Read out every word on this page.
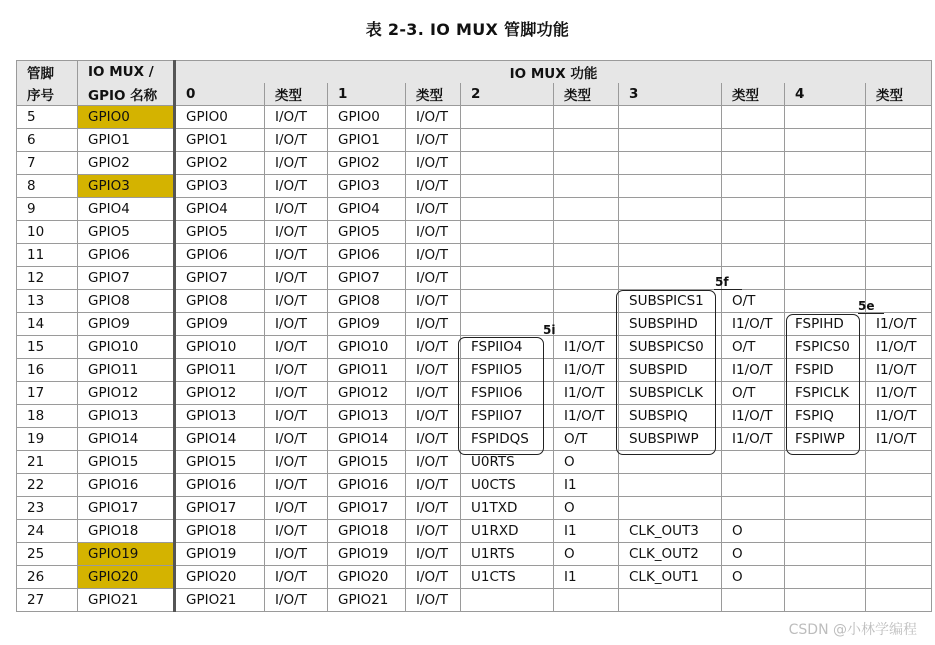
表 2-3. IO MUX 管脚功能
管脚	IO MUX /	IO MUX 功能									
序号	GPIO 名称	0	类型	1	类型	2	类型	3	类型	4	类型
5	GPIO0	GPIO0	I/O/T	GPIO0	I/O/T						
6	GPIO1	GPIO1	I/O/T	GPIO1	I/O/T						
7	GPIO2	GPIO2	I/O/T	GPIO2	I/O/T						
8	GPIO3	GPIO3	I/O/T	GPIO3	I/O/T						
9	GPIO4	GPIO4	I/O/T	GPIO4	I/O/T						
10	GPIO5	GPIO5	I/O/T	GPIO5	I/O/T						
11	GPIO6	GPIO6	I/O/T	GPIO6	I/O/T						
12	GPIO7	GPIO7	I/O/T	GPIO7	I/O/T						
13	GPIO8	GPIO8	I/O/T	GPIO8	I/O/T			SUBSPICS1	O/T		
14	GPIO9	GPIO9	I/O/T	GPIO9	I/O/T			SUBSPIHD	I1/O/T	FSPIHD	I1/O/T
15	GPIO10	GPIO10	I/O/T	GPIO10	I/O/T	FSPIIO4	I1/O/T	SUBSPICS0	O/T	FSPICS0	I1/O/T
16	GPIO11	GPIO11	I/O/T	GPIO11	I/O/T	FSPIIO5	I1/O/T	SUBSPID	I1/O/T	FSPID	I1/O/T
17	GPIO12	GPIO12	I/O/T	GPIO12	I/O/T	FSPIIO6	I1/O/T	SUBSPICLK	O/T	FSPICLK	I1/O/T
18	GPIO13	GPIO13	I/O/T	GPIO13	I/O/T	FSPIIO7	I1/O/T	SUBSPIQ	I1/O/T	FSPIQ	I1/O/T
19	GPIO14	GPIO14	I/O/T	GPIO14	I/O/T	FSPIDQS	O/T	SUBSPIWP	I1/O/T	FSPIWP	I1/O/T
21	GPIO15	GPIO15	I/O/T	GPIO15	I/O/T	U0RTS	O				
22	GPIO16	GPIO16	I/O/T	GPIO16	I/O/T	U0CTS	I1				
23	GPIO17	GPIO17	I/O/T	GPIO17	I/O/T	U1TXD	O				
24	GPIO18	GPIO18	I/O/T	GPIO18	I/O/T	U1RXD	I1	CLK_OUT3	O		
25	GPIO19	GPIO19	I/O/T	GPIO19	I/O/T	U1RTS	O	CLK_OUT2	O		
26	GPIO20	GPIO20	I/O/T	GPIO20	I/O/T	U1CTS	I1	CLK_OUT1	O		
27	GPIO21	GPIO21	I/O/T	GPIO21	I/O/T						
5f
5e
5i
CSDN @小林学编程
